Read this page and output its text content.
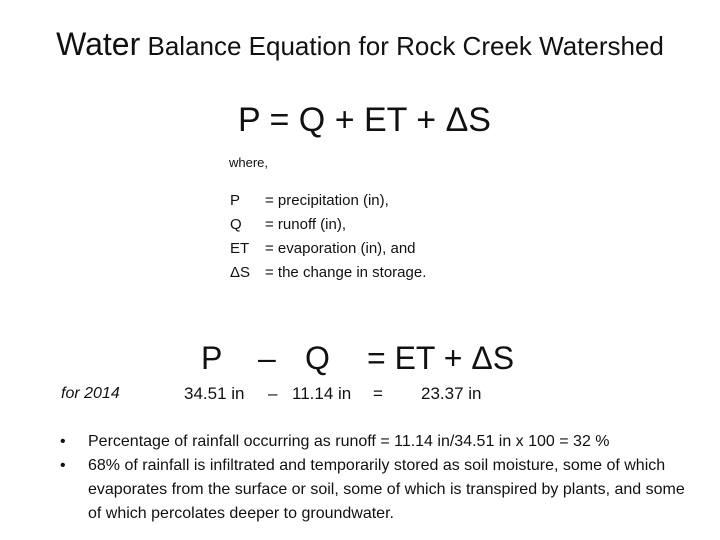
Water Balance Equation for Rock Creek Watershed
P = Q + ET + ΔS
where,
P	= precipitation (in),
Q	= runoff (in),
ET	= evaporation (in), and
ΔS = the change in storage.
P – Q = ET + ΔS
for 2014	34.51 in – 11.14 in = 23.37 in
• Percentage of rainfall occurring as runoff = 11.14 in/34.51 in x 100 = 32 %
• 68% of rainfall is infiltrated and temporarily stored as soil moisture, some of which evaporates from the surface or soil, some of which is transpired by plants, and some of which percolates deeper to groundwater.
